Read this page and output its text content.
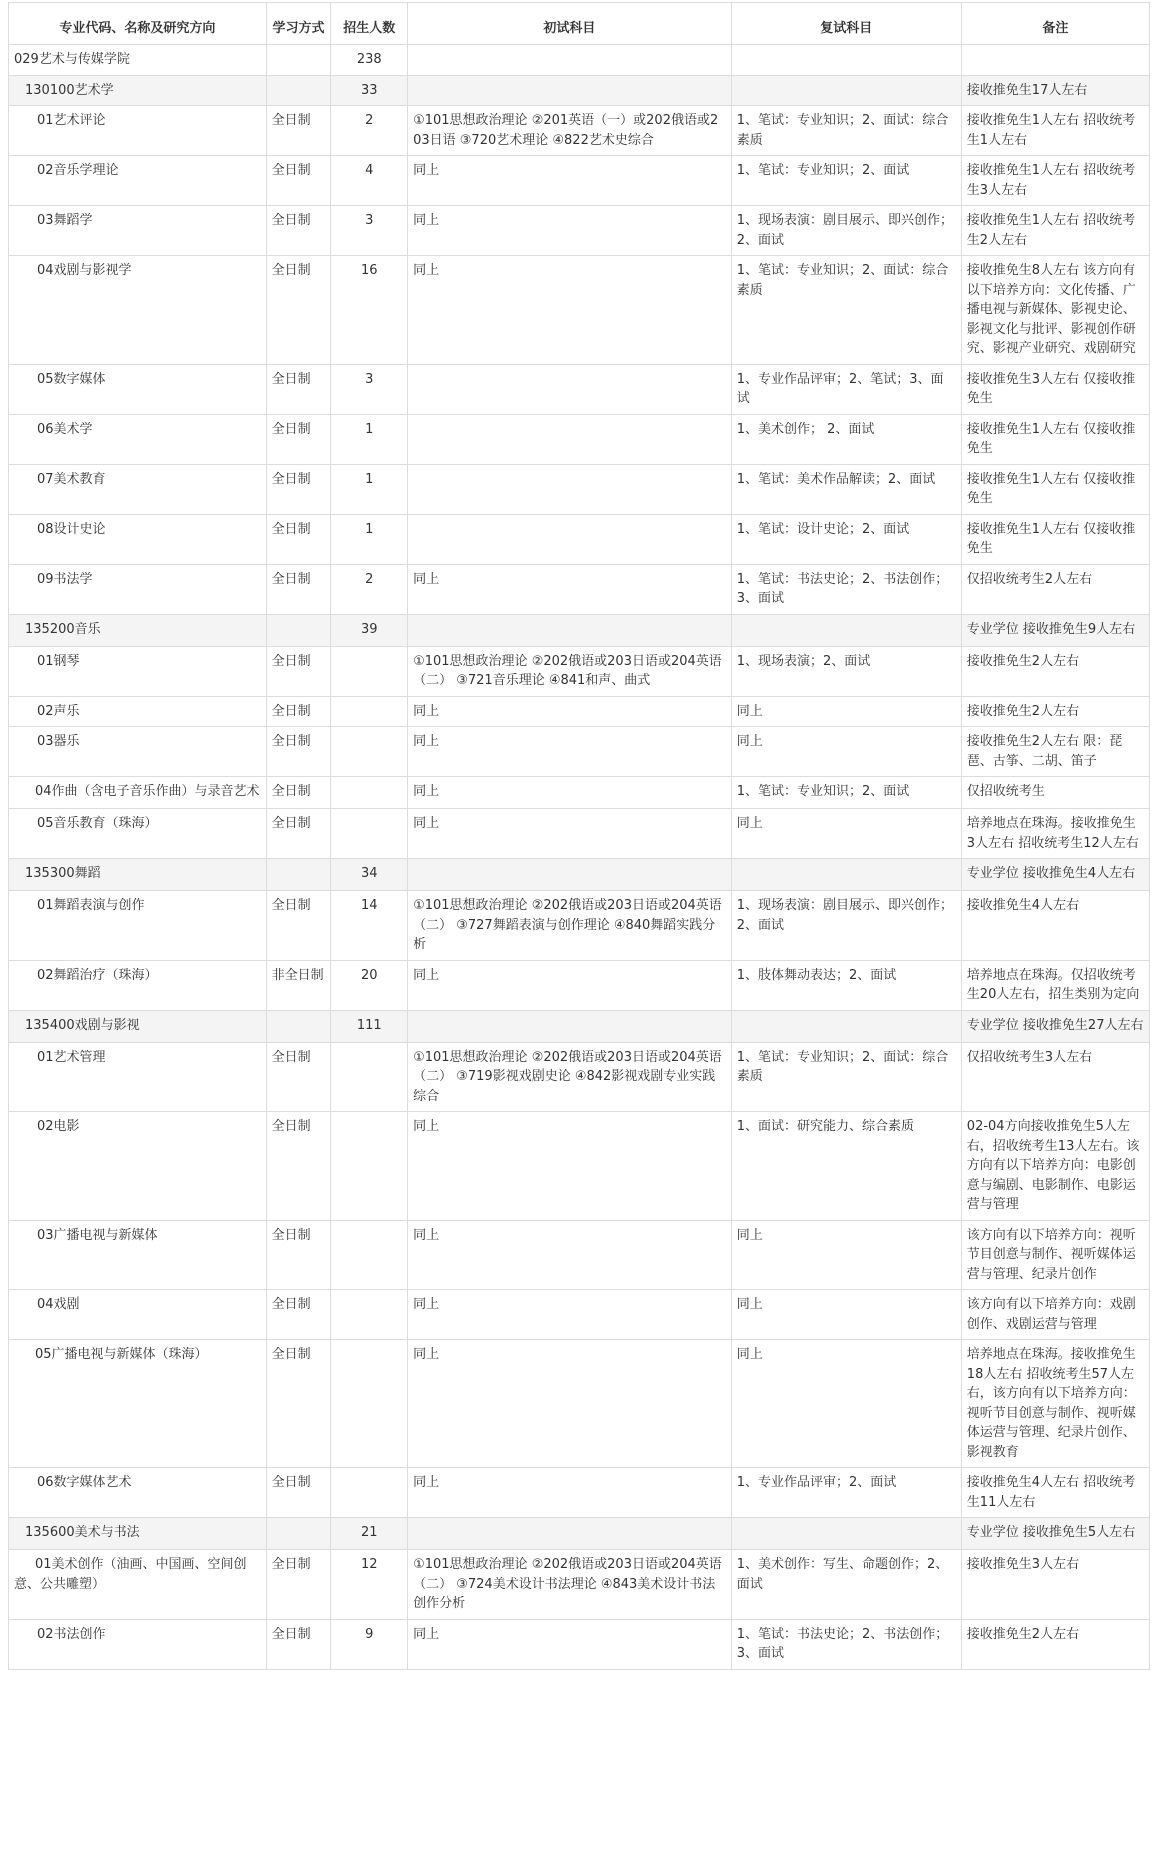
专业代码、名称及研究方向	学习方式	招生人数	初试科目	复试科目	备注
029艺术与传媒学院		238			
130100艺术学		33			接收推免生17人左右
01艺术评论	全日制	2	①101思想政治理论 ②201英语（一）或202俄语或203日语 ③720艺术理论 ④822艺术史综合	1、笔试：专业知识；2、面试：综合素质	接收推免生1人左右 招收统考生1人左右
02音乐学理论	全日制	4	同上	1、笔试：专业知识；2、面试	接收推免生1人左右 招收统考生3人左右
03舞蹈学	全日制	3	同上	1、现场表演：剧目展示、即兴创作；2、面试	接收推免生1人左右 招收统考生2人左右
04戏剧与影视学	全日制	16	同上	1、笔试：专业知识；2、面试：综合素质	接收推免生8人左右 该方向有以下培养方向：文化传播、广播电视与新媒体、影视史论、影视文化与批评、影视创作研究、影视产业研究、戏剧研究
05数字媒体	全日制	3		1、专业作品评审；2、笔试；3、面试	接收推免生3人左右 仅接收推免生
06美术学	全日制	1		1、美术创作； 2、面试	接收推免生1人左右 仅接收推免生
07美术教育	全日制	1		1、笔试：美术作品解读；2、面试	接收推免生1人左右 仅接收推免生
08设计史论	全日制	1		1、笔试：设计史论；2、面试	接收推免生1人左右 仅接收推免生
09书法学	全日制	2	同上	1、笔试：书法史论；2、书法创作；3、面试	仅招收统考生2人左右
135200音乐		39			专业学位 接收推免生9人左右
01钢琴	全日制		①101思想政治理论 ②202俄语或203日语或204英语（二） ③721音乐理论 ④841和声、曲式	1、现场表演；2、面试	接收推免生2人左右
02声乐	全日制		同上	同上	接收推免生2人左右
03器乐	全日制		同上	同上	接收推免生2人左右 限：琵琶、古筝、二胡、笛子
04作曲（含电子音乐作曲）与录音艺术	全日制		同上	1、笔试：专业知识；2、面试	仅招收统考生
05音乐教育（珠海）	全日制		同上	同上	培养地点在珠海。接收推免生3人左右 招收统考生12人左右
135300舞蹈		34			专业学位 接收推免生4人左右
01舞蹈表演与创作	全日制	14	①101思想政治理论 ②202俄语或203日语或204英语（二） ③727舞蹈表演与创作理论 ④840舞蹈实践分析	1、现场表演：剧目展示、即兴创作；2、面试	接收推免生4人左右
02舞蹈治疗（珠海）	非全日制	20	同上	1、肢体舞动表达；2、面试	培养地点在珠海。仅招收统考生20人左右，招生类别为定向
135400戏剧与影视		111			专业学位 接收推免生27人左右
01艺术管理	全日制		①101思想政治理论 ②202俄语或203日语或204英语（二） ③719影视戏剧史论 ④842影视戏剧专业实践综合	1、笔试：专业知识；2、面试：综合素质	仅招收统考生3人左右
02电影	全日制		同上	1、面试：研究能力、综合素质	02-04方向接收推免生5人左右，招收统考生13人左右。该方向有以下培养方向：电影创意与编剧、电影制作、电影运营与管理
03广播电视与新媒体	全日制		同上	同上	该方向有以下培养方向：视听节目创意与制作、视听媒体运营与管理、纪录片创作
04戏剧	全日制		同上	同上	该方向有以下培养方向：戏剧创作、戏剧运营与管理
05广播电视与新媒体（珠海）	全日制		同上	同上	培养地点在珠海。接收推免生18人左右 招收统考生57人左右，该方向有以下培养方向：视听节目创意与制作、视听媒体运营与管理、纪录片创作、影视教育
06数字媒体艺术	全日制		同上	1、专业作品评审；2、面试	接收推免生4人左右 招收统考生11人左右
135600美术与书法		21			专业学位 接收推免生5人左右
01美术创作（油画、中国画、空间创意、公共雕塑）	全日制	12	①101思想政治理论 ②202俄语或203日语或204英语（二） ③724美术设计书法理论 ④843美术设计书法创作分析	1、美术创作：写生、命题创作；2、面试	接收推免生3人左右
02书法创作	全日制	9	同上	1、笔试：书法史论；2、书法创作；3、面试	接收推免生2人左右
